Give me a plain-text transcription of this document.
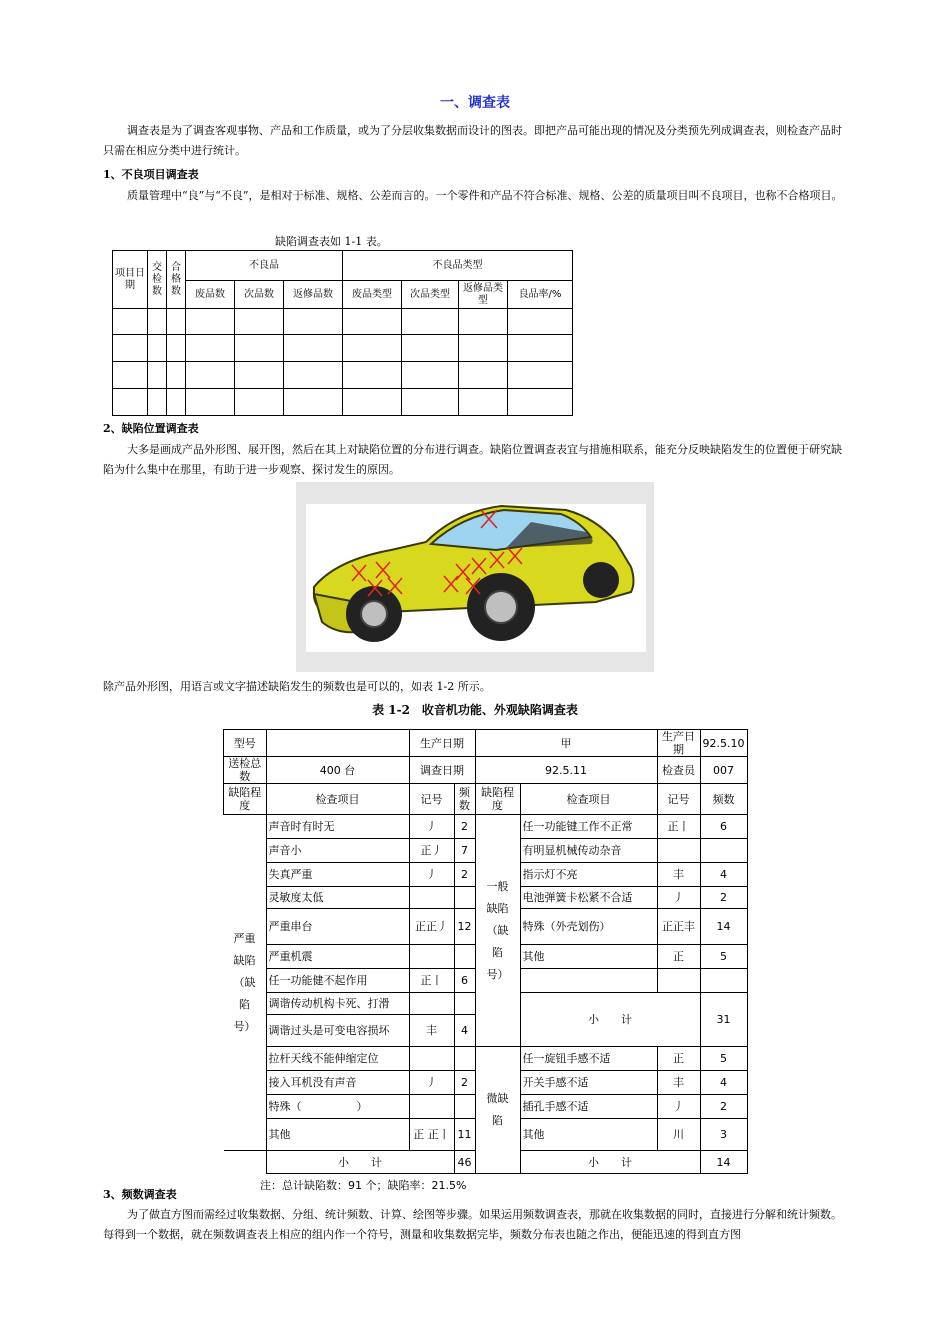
一、调查表

调查表是为了调查客观事物、产品和工作质量，或为了分层收集数据而设计的图表。即把产品可能出现的情况及分类预先列成调查表，则检查产品时只需在相应分类中进行统计。

1、不良项目调查表

质量管理中“良”与“不良”，是相对于标准、规格、公差而言的。一个零件和产品不符合标准、规格、公差的质量项目叫不良项目，也称不合格项目。

缺陷调查表如 1-1 表。
项目日期	交检数	合格数	不良品			不良品类型			
			废品数	次品数	返修品数	废品类型	次品类型	返修品类型	良品率/%

2、缺陷位置调查表

大多是画成产品外形图、展开图，然后在其上对缺陷位置的分布进行调查。缺陷位置调查表宜与措施相联系，能充分反映缺陷发生的位置便于研究缺陷为什么集中在那里，有助于进一步观察、探讨发生的原因。

除产品外形图，用语言或文字描述缺陷发生的频数也是可以的，如表 1-2 所示。

表 1-2　收音机功能、外观缺陷调查表
型号		生产日期		甲		生产日期	92.5.10
送检总数	400 台	调查日期		92.5.11		检查员	007
缺陷程度	检查项目	记号	频数	缺陷程度	检查项目	记号	频数
严重缺陷（缺陷号）	声音时有时无	丿	2	一般缺陷（缺陷号）	任一功能键工作不正常	正丨	6
	声音小	正丿	7		有明显机械传动杂音		
	失真严重	丿	2		指示灯不亮	丰	4
	灵敏度太低				电池弹簧卡松紧不合适	丿	2
	严重串台	正正丿	12		特殊（外壳划伤）	正正丰	14
	严重机震				其他	正	5
	任一功能健不起作用	正丨	6				
	调谐传动机构卡死、打滑				小　　计		31
	调谐过头是可变电容损坏	丰	4				
	拉杆天线不能伸缩定位			微缺陷	任一旋钮手感不适	正	5
	接入耳机没有声音	丿	2		开关手感不适	丰	4
	特殊（　　　　　）				插孔手感不适	丿	2
	其他	正 正丨	11		其他	川	3
	小　　计		46		小　　计		14
注：总计缺陷数：91 个；缺陷率：21.5%
3、频数调查表

为了做直方图而需经过收集数据、分组、统计频数、计算、绘图等步骤。如果运用频数调查表，那就在收集数据的同时，直接进行分解和统计频数。每得到一个数据，就在频数调查表上相应的组内作一个符号，测量和收集数据完毕，频数分布表也随之作出，便能迅速的得到直方图
